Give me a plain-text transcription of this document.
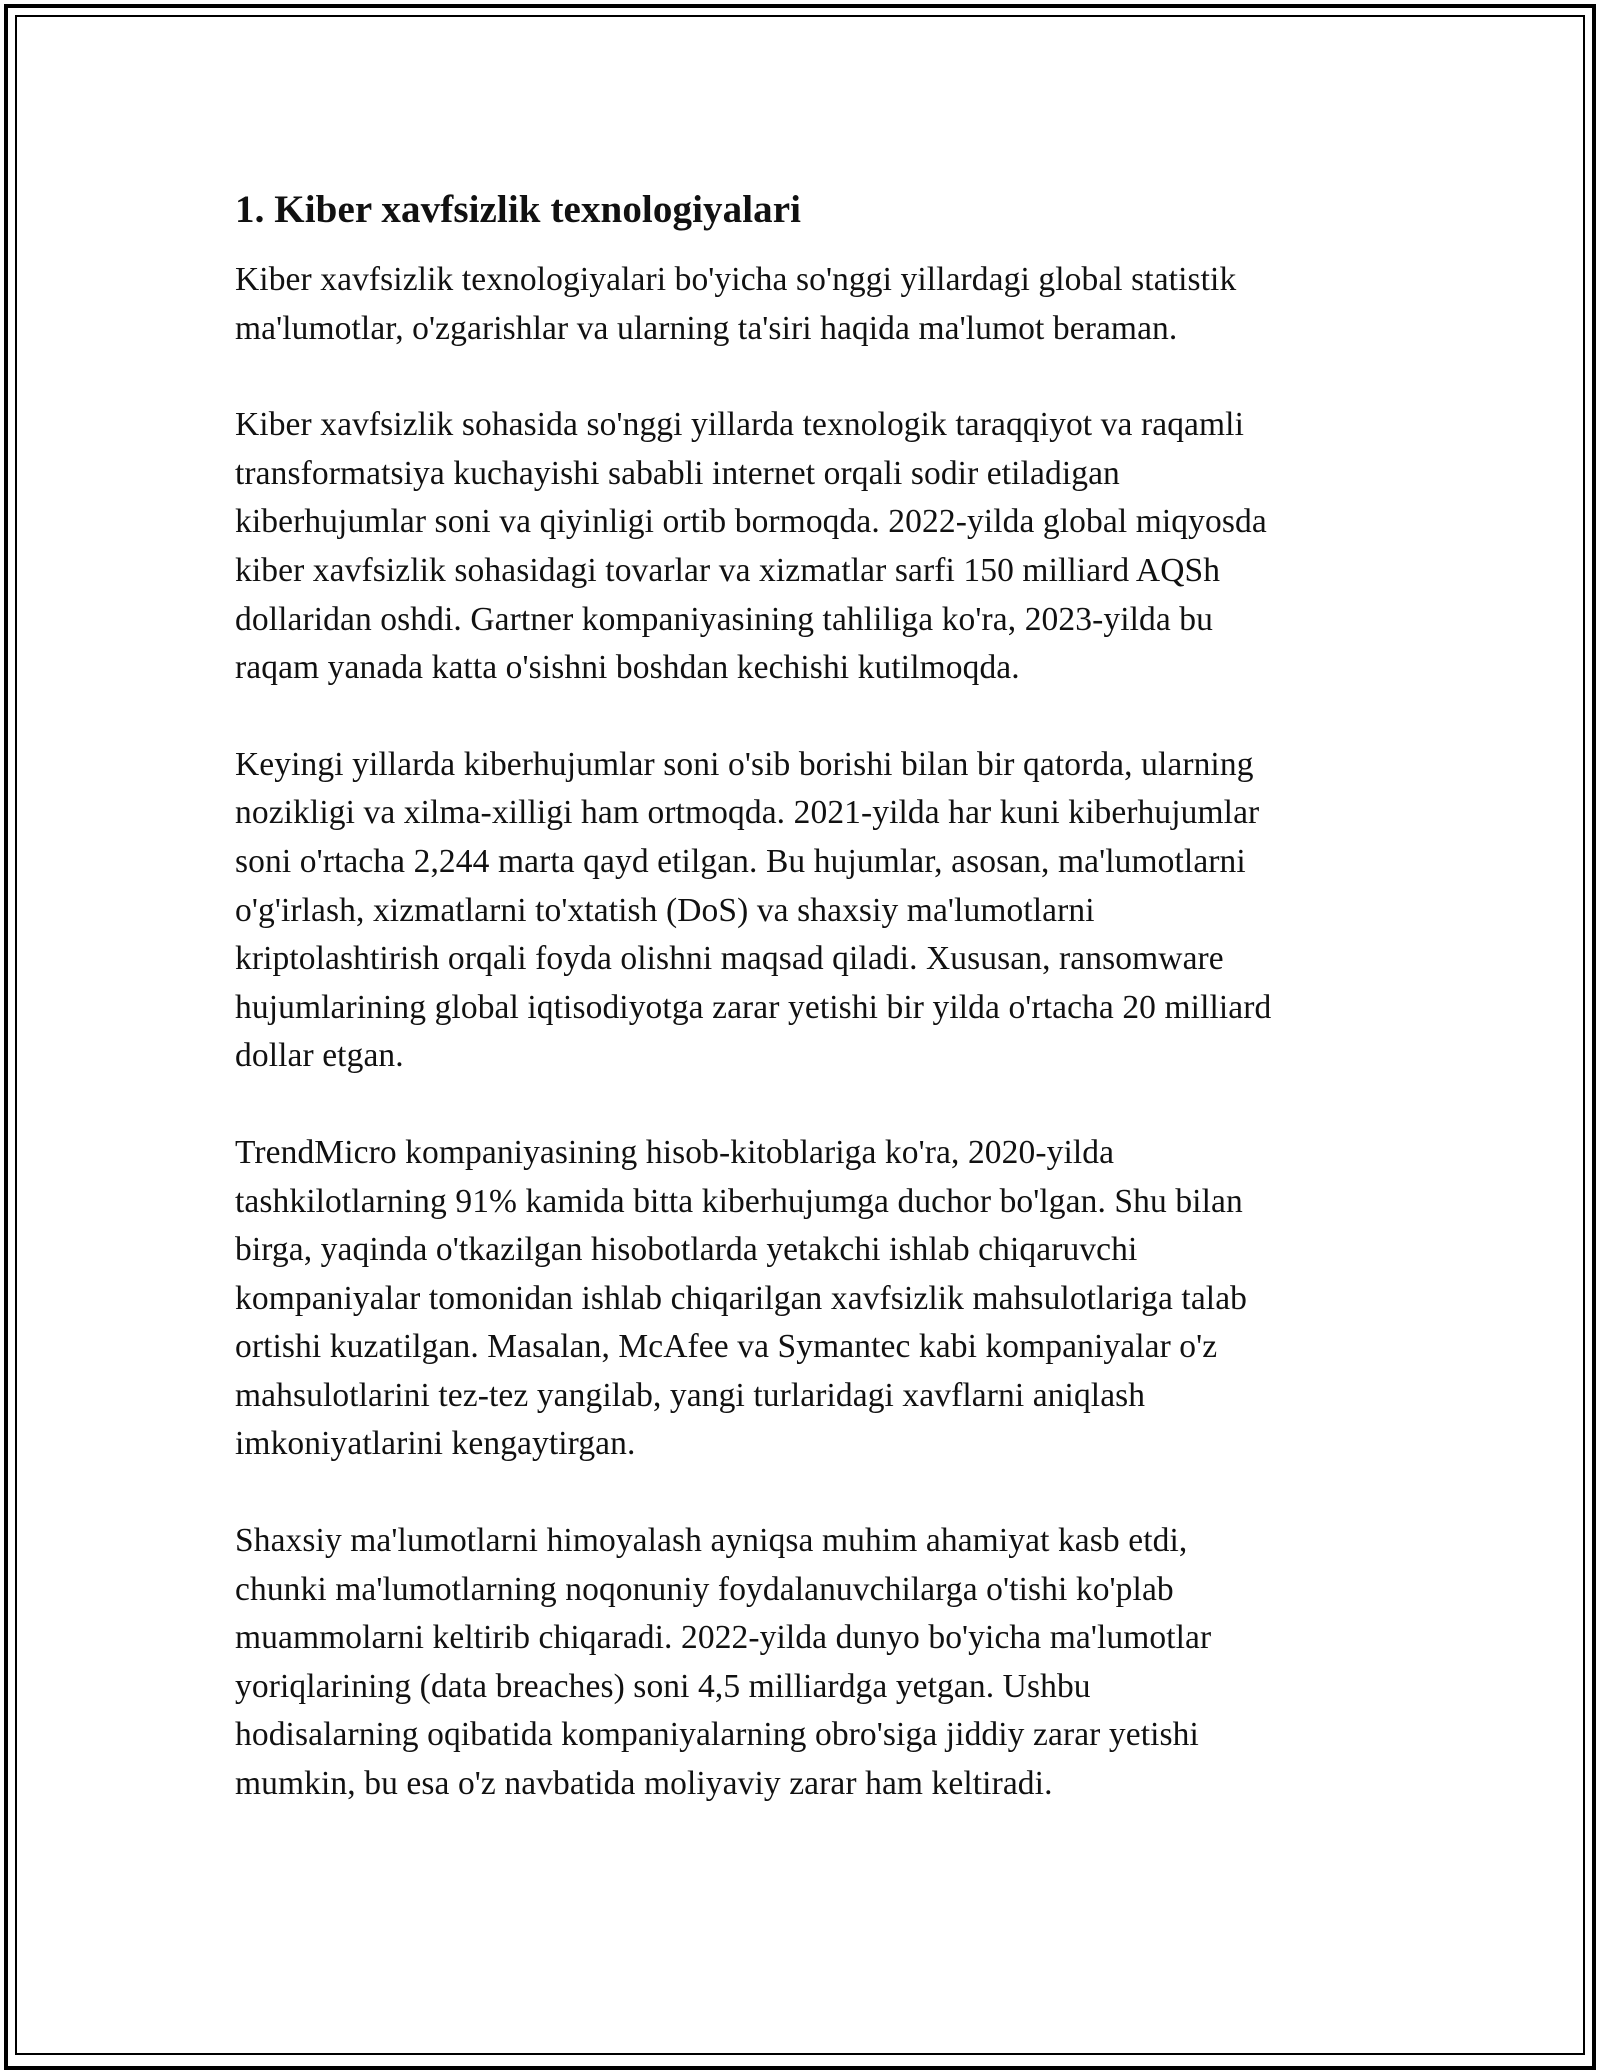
1. Kiber xavfsizlik texnologiyalari

Kiber xavfsizlik texnologiyalari bo'yicha so'nggi yillardagi global statistik
ma'lumotlar, o'zgarishlar va ularning ta'siri haqida ma'lumot beraman.

Kiber xavfsizlik sohasida so'nggi yillarda texnologik taraqqiyot va raqamli
transformatsiya kuchayishi sababli internet orqali sodir etiladigan
kiberhujumlar soni va qiyinligi ortib bormoqda. 2022-yilda global miqyosda
kiber xavfsizlik sohasidagi tovarlar va xizmatlar sarfi 150 milliard AQSh
dollaridan oshdi. Gartner kompaniyasining tahliliga ko'ra, 2023-yilda bu
raqam yanada katta o'sishni boshdan kechishi kutilmoqda.

Keyingi yillarda kiberhujumlar soni o'sib borishi bilan bir qatorda, ularning
nozikligi va xilma-xilligi ham ortmoqda. 2021-yilda har kuni kiberhujumlar
soni o'rtacha 2,244 marta qayd etilgan. Bu hujumlar, asosan, ma'lumotlarni
o'g'irlash, xizmatlarni to'xtatish (DoS) va shaxsiy ma'lumotlarni
kriptolashtirish orqali foyda olishni maqsad qiladi. Xususan, ransomware
hujumlarining global iqtisodiyotga zarar yetishi bir yilda o'rtacha 20 milliard
dollar etgan.

TrendMicro kompaniyasining hisob-kitoblariga ko'ra, 2020-yilda
tashkilotlarning 91% kamida bitta kiberhujumga duchor bo'lgan. Shu bilan
birga, yaqinda o'tkazilgan hisobotlarda yetakchi ishlab chiqaruvchi
kompaniyalar tomonidan ishlab chiqarilgan xavfsizlik mahsulotlariga talab
ortishi kuzatilgan. Masalan, McAfee va Symantec kabi kompaniyalar o'z
mahsulotlarini tez-tez yangilab, yangi turlaridagi xavflarni aniqlash
imkoniyatlarini kengaytirgan.

Shaxsiy ma'lumotlarni himoyalash ayniqsa muhim ahamiyat kasb etdi,
chunki ma'lumotlarning noqonuniy foydalanuvchilarga o'tishi ko'plab
muammolarni keltirib chiqaradi. 2022-yilda dunyo bo'yicha ma'lumotlar
yoriqlarining (data breaches) soni 4,5 milliardga yetgan. Ushbu
hodisalarning oqibatida kompaniyalarning obro'siga jiddiy zarar yetishi
mumkin, bu esa o'z navbatida moliyaviy zarar ham keltiradi.
